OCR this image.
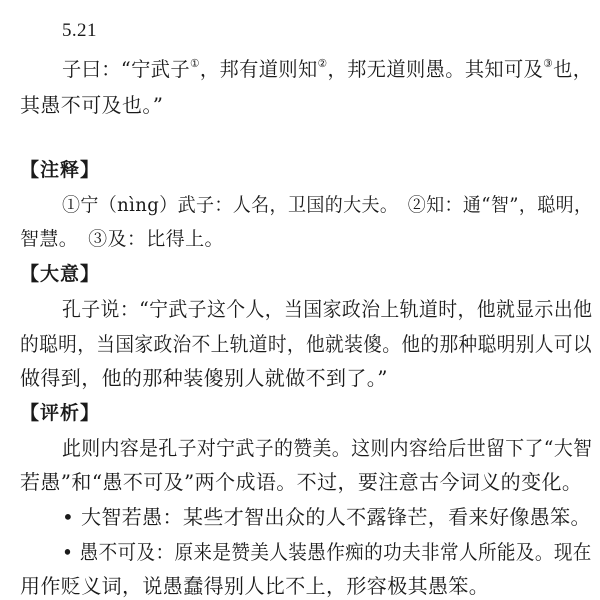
5.21
子曰：“宁武子①，邦有道则知②，邦无道则愚。其知可及③也，
其愚不可及也。”
【注释】
①宁（nìng）武子：人名，卫国的大夫。　②知：通“智”，聪明，
智慧。　③及：比得上。
【大意】
孔子说：“宁武子这个人，当国家政治上轨道时，他就显示出他
的聪明，当国家政治不上轨道时，他就装傻。他的那种聪明别人可以
做得到，他的那种装傻别人就做不到了。”
【评析】
此则内容是孔子对宁武子的赞美。这则内容给后世留下了“大智
若愚”和“愚不可及”两个成语。不过，要注意古今词义的变化。
• 大智若愚：某些才智出众的人不露锋芒，看来好像愚笨。
• 愚不可及：原来是赞美人装愚作痴的功夫非常人所能及。现在
用作贬义词，说愚蠢得别人比不上，形容极其愚笨。
